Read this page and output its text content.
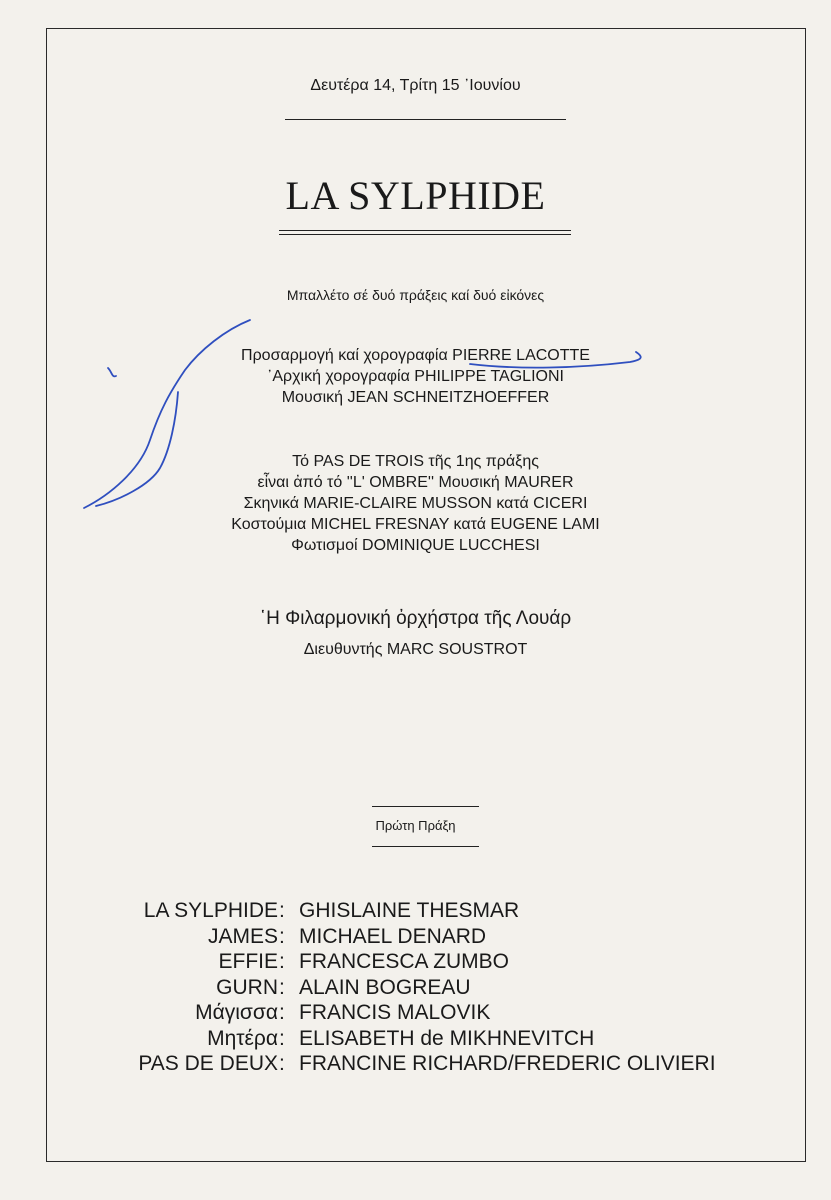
Δευτέρα 14, Τρίτη 15 ᾽Ιουνίου
LA SYLPHIDE
Μπαλλέτο σέ δυό πράξεις καί δυό εἰκόνες
Προσαρμογή καί χορογραφία PIERRE LACOTTE
᾽Αρχική χορογραφία PHILIPPE TAGLIONI
Μουσική JEAN SCHNEITZHOEFFER
Τό PAS DE TROIS τῆς 1ης πράξης
εἶναι ἀπό τό ''L' OMBRE'' Μουσική MAURER
Σκηνικά MARIE-CLAIRE MUSSON κατά CICERI
Κοστούμια MICHEL FRESNAY κατά EUGENE LAMI
Φωτισμοί DOMINIQUE LUCCHESI
῾Η Φιλαρμονική ὀρχήστρα τῆς Λουάρ
Διευθυντής MARC SOUSTROT
Πρώτη Πράξη
LA SYLPHIDE : GHISLAINE THESMAR
JAMES : MICHAEL DENARD
EFFIE : FRANCESCA ZUMBO
GURN : ALAIN BOGREAU
Μάγισσα : FRANCIS MALOVIK
Μητέρα : ELISABETH de MIKHNEVITCH
PAS DE DEUX : FRANCINE RICHARD/FREDERIC OLIVIERI
